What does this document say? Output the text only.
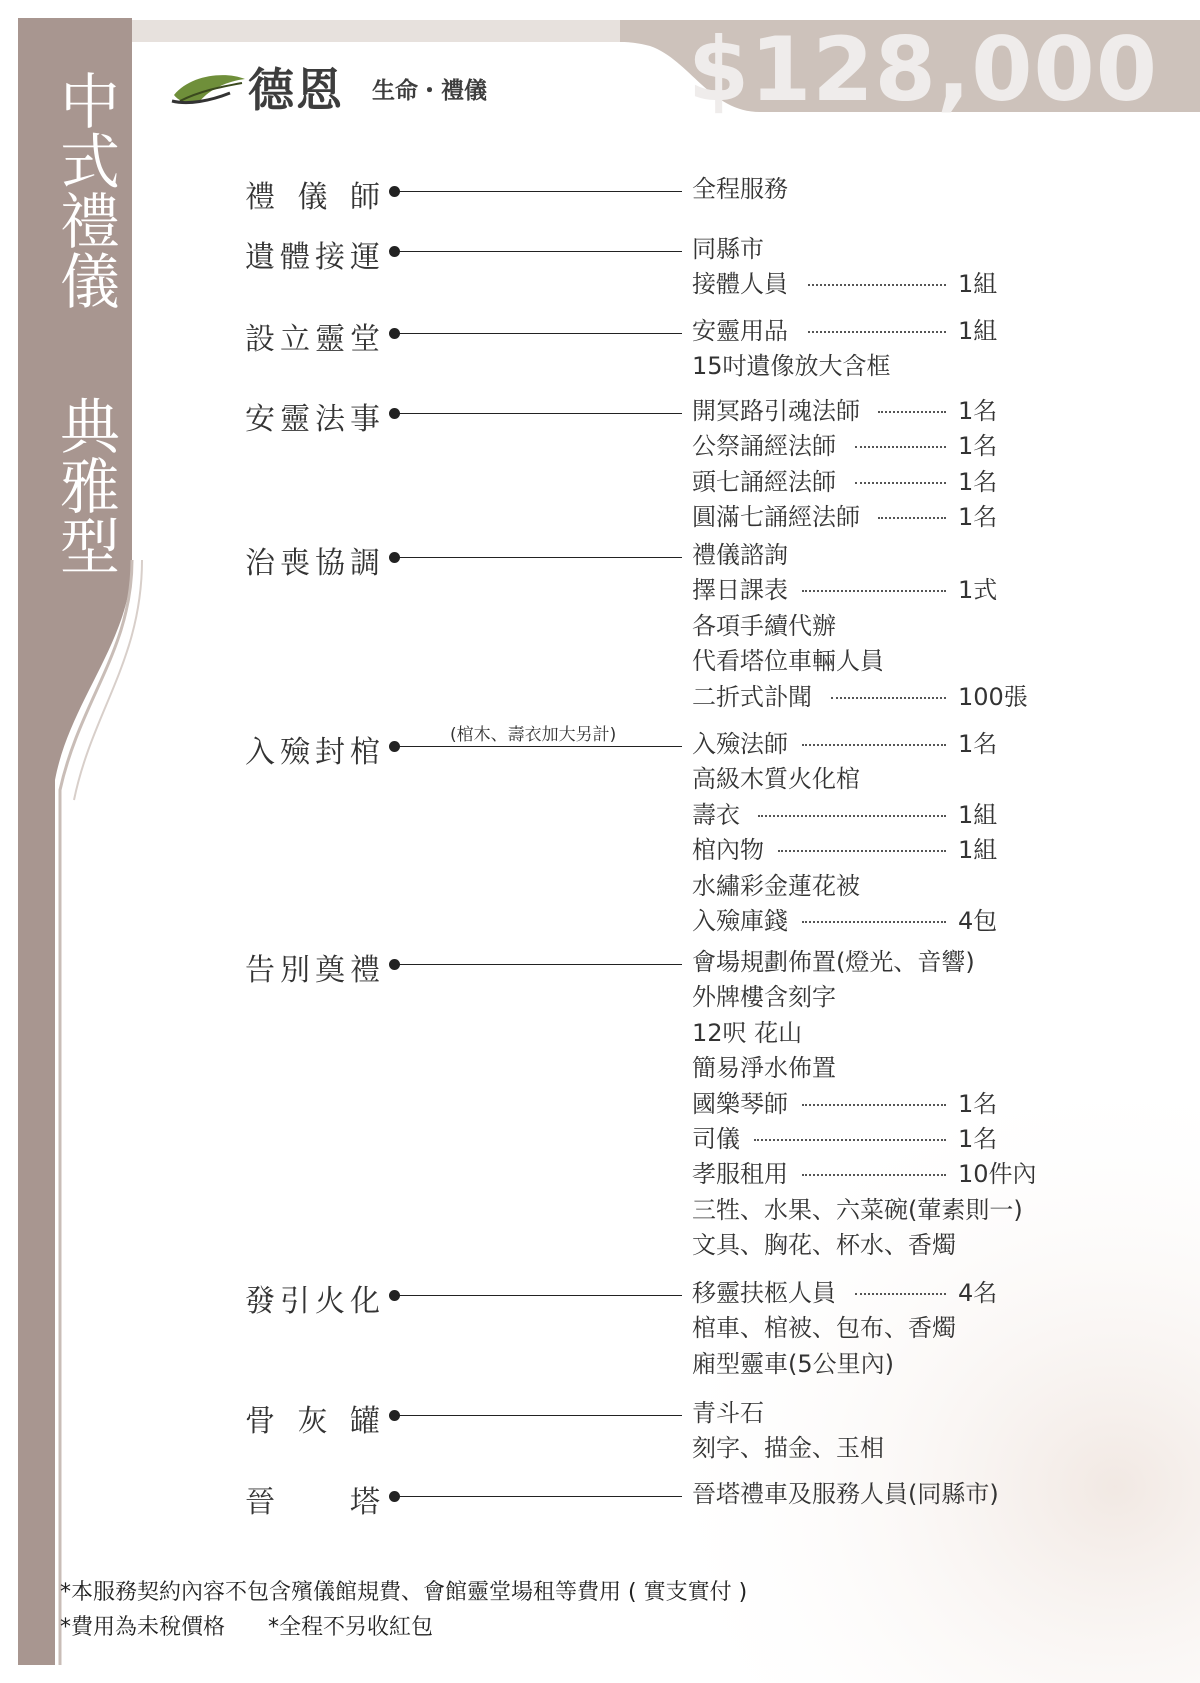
中式禮儀
典雅型
德恩 生命・禮儀 $128,000
禮 儀 師	全程服務
遺 體 接 運	同縣市
接體人員	1組
設 立 靈 堂	安靈用品	1組
15吋遺像放大含框
安 靈 法 事	開冥路引魂法師	1名
公祭誦經法師	1名
頭七誦經法師	1名
圓滿七誦經法師	1名
治 喪 協 調	禮儀諮詢
擇日課表	1式
各項手續代辦
代看塔位車輛人員
二折式訃聞	100張
入 殮 封 棺	(棺木、壽衣加大另計)	入殮法師	1名
高級木質火化棺
壽衣	1組
棺內物	1組
水繡彩金蓮花被
入殮庫錢	4包
告 別 奠 禮	會場規劃佈置(燈光、音響)
外牌樓含刻字
12呎 花山
簡易淨水佈置
國樂琴師	1名
司儀	1名
孝服租用	10件內
三牲、水果、六菜碗(葷素則一)
文具、胸花、杯水、香燭
發 引 火 化	移靈扶柩人員	4名
棺車、棺被、包布、香燭
廂型靈車(5公里內)
骨 灰 罐	青斗石
刻字、描金、玉相
晉	塔	晉塔禮車及服務人員(同縣市)
*本服務契約內容不包含殯儀館規費、會館靈堂場租等費用 ( 實支實付 )
*費用為未稅價格 *全程不另收紅包
